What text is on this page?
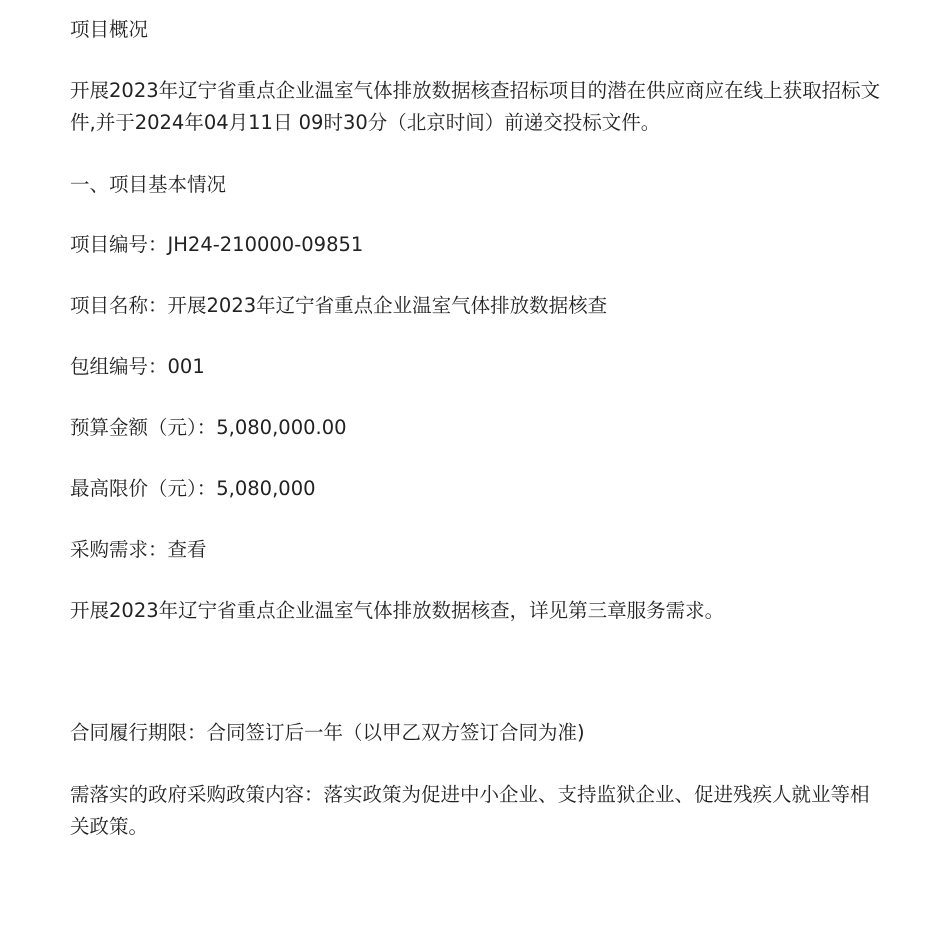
项目概况
开展2023年辽宁省重点企业温室气体排放数据核查招标项目的潜在供应商应在线上获取招标文件,并于2024年04月11日 09时30分（北京时间）前递交投标文件。
一、项目基本情况
项目编号：JH24-210000-09851
项目名称：开展2023年辽宁省重点企业温室气体排放数据核查
包组编号：001
预算金额（元）：5,080,000.00
最高限价（元）：5,080,000
采购需求：查看
开展2023年辽宁省重点企业温室气体排放数据核查，详见第三章服务需求。
合同履行期限：合同签订后一年（以甲乙双方签订合同为准)
需落实的政府采购政策内容：落实政策为促进中小企业、支持监狱企业、促进残疾人就业等相关政策。
